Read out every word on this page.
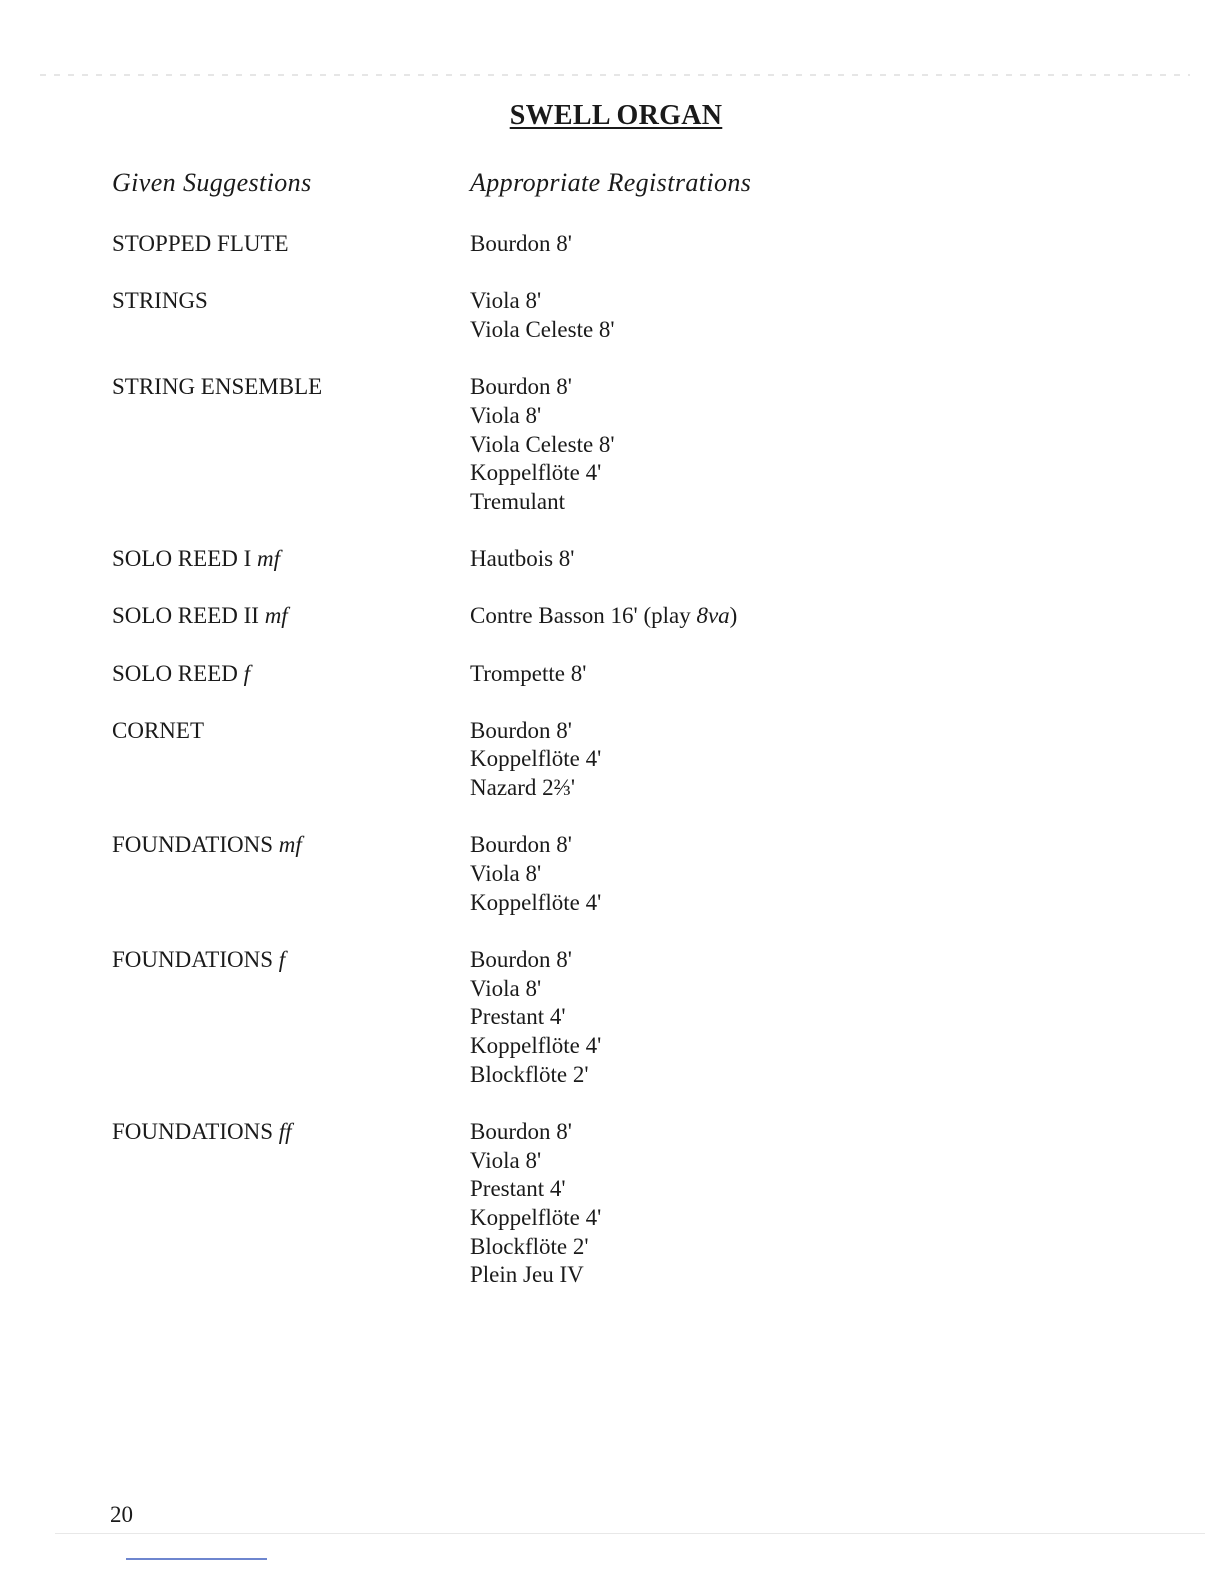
SWELL ORGAN
Given Suggestions	Appropriate Registrations
STOPPED FLUTE	Bourdon 8'
STRINGS	Viola 8'
Viola Celeste 8'
STRING ENSEMBLE	Bourdon 8'
Viola 8'
Viola Celeste 8'
Koppelflöte 4'
Tremulant
SOLO REED I mf	Hautbois 8'
SOLO REED II mf	Contre Basson 16' (play 8va)
SOLO REED f	Trompette 8'
CORNET	Bourdon 8'
Koppelflöte 4'
Nazard 2⅔'
FOUNDATIONS mf	Bourdon 8'
Viola 8'
Koppelflöte 4'
FOUNDATIONS f	Bourdon 8'
Viola 8'
Prestant 4'
Koppelflöte 4'
Blockflöte 2'
FOUNDATIONS ff	Bourdon 8'
Viola 8'
Prestant 4'
Koppelflöte 4'
Blockflöte 2'
Plein Jeu IV
20
